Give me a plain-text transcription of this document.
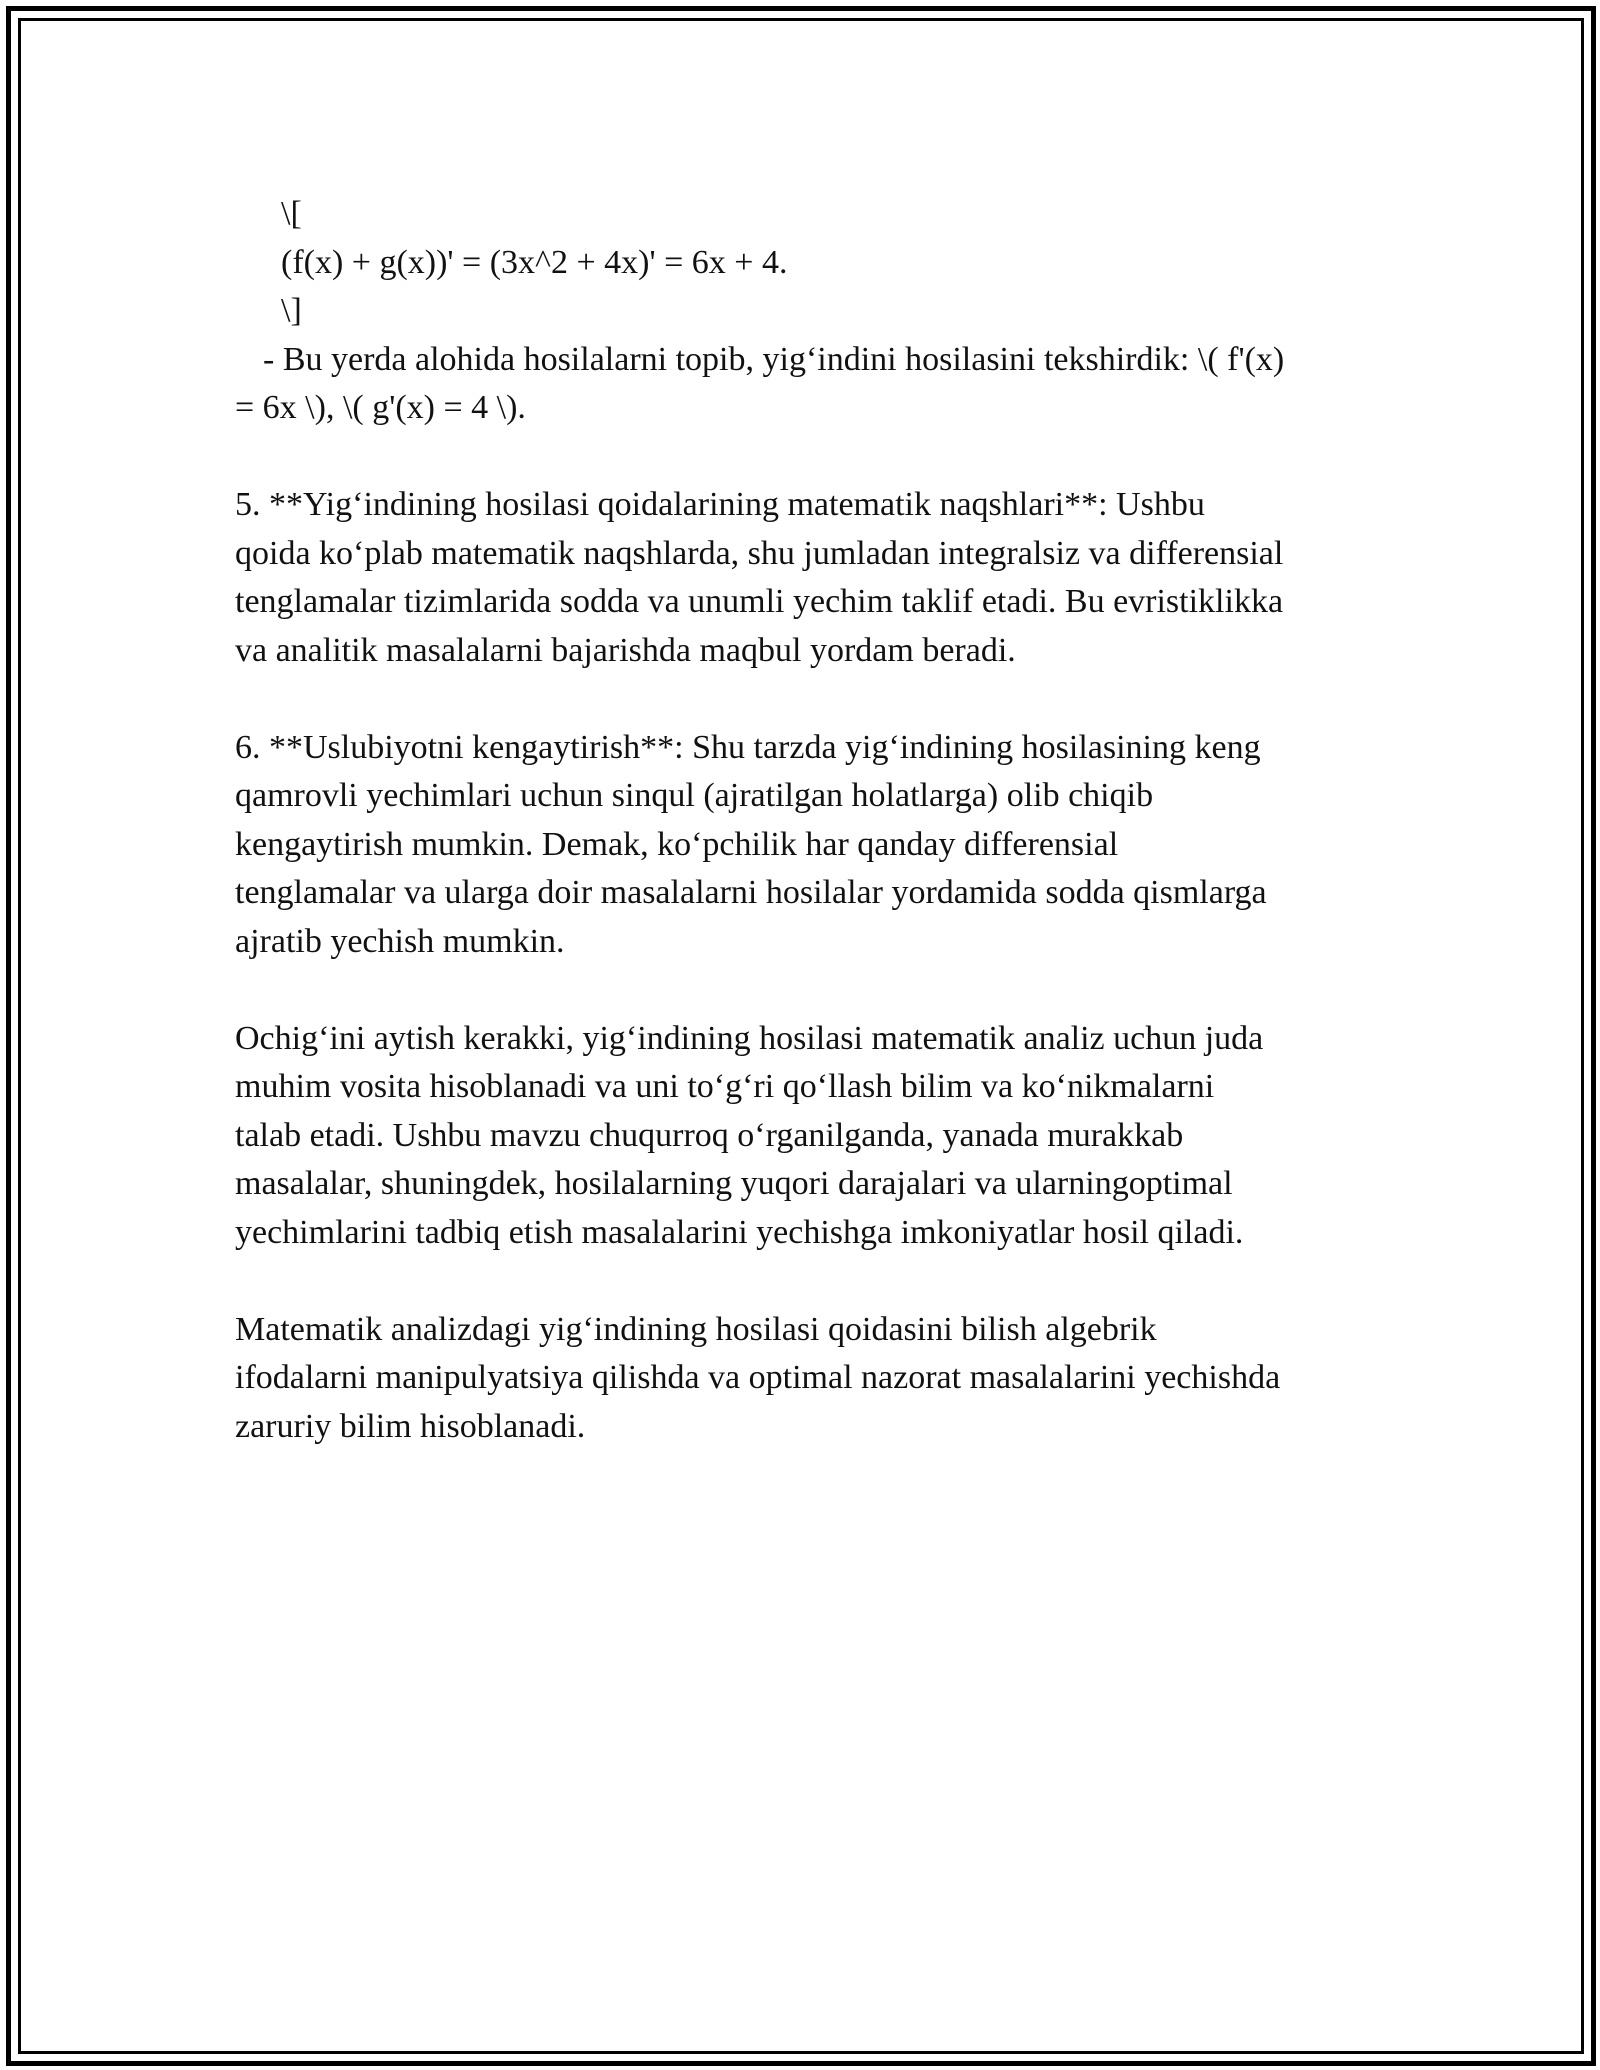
\[
(f(x) + g(x))' = (3x^2 + 4x)' = 6x + 4.
\]
- Bu yerda alohida hosilalarni topib, yig‘indini hosilasini tekshirdik: \( f'(x)
= 6x \), \( g'(x) = 4 \).
5. **Yig‘indining hosilasi qoidalarining matematik naqshlari**: Ushbu
qoida ko‘plab matematik naqshlarda, shu jumladan integralsiz va differensial
tenglamalar tizimlarida sodda va unumli yechim taklif etadi. Bu evristiklikka
va analitik masalalarni bajarishda maqbul yordam beradi.
6. **Uslubiyotni kengaytirish**: Shu tarzda yig‘indining hosilasining keng
qamrovli yechimlari uchun sinqul (ajratilgan holatlarga) olib chiqib
kengaytirish mumkin. Demak, ko‘pchilik har qanday differensial
tenglamalar va ularga doir masalalarni hosilalar yordamida sodda qismlarga
ajratib yechish mumkin.
Ochig‘ini aytish kerakki, yig‘indining hosilasi matematik analiz uchun juda
muhim vosita hisoblanadi va uni to‘g‘ri qo‘llash bilim va ko‘nikmalarni
talab etadi. Ushbu mavzu chuqurroq o‘rganilganda, yanada murakkab
masalalar, shuningdek, hosilalarning yuqori darajalari va ularningoptimal
yechimlarini tadbiq etish masalalarini yechishga imkoniyatlar hosil qiladi.
Matematik analizdagi yig‘indining hosilasi qoidasini bilish algebrik
ifodalarni manipulyatsiya qilishda va optimal nazorat masalalarini yechishda
zaruriy bilim hisoblanadi.
